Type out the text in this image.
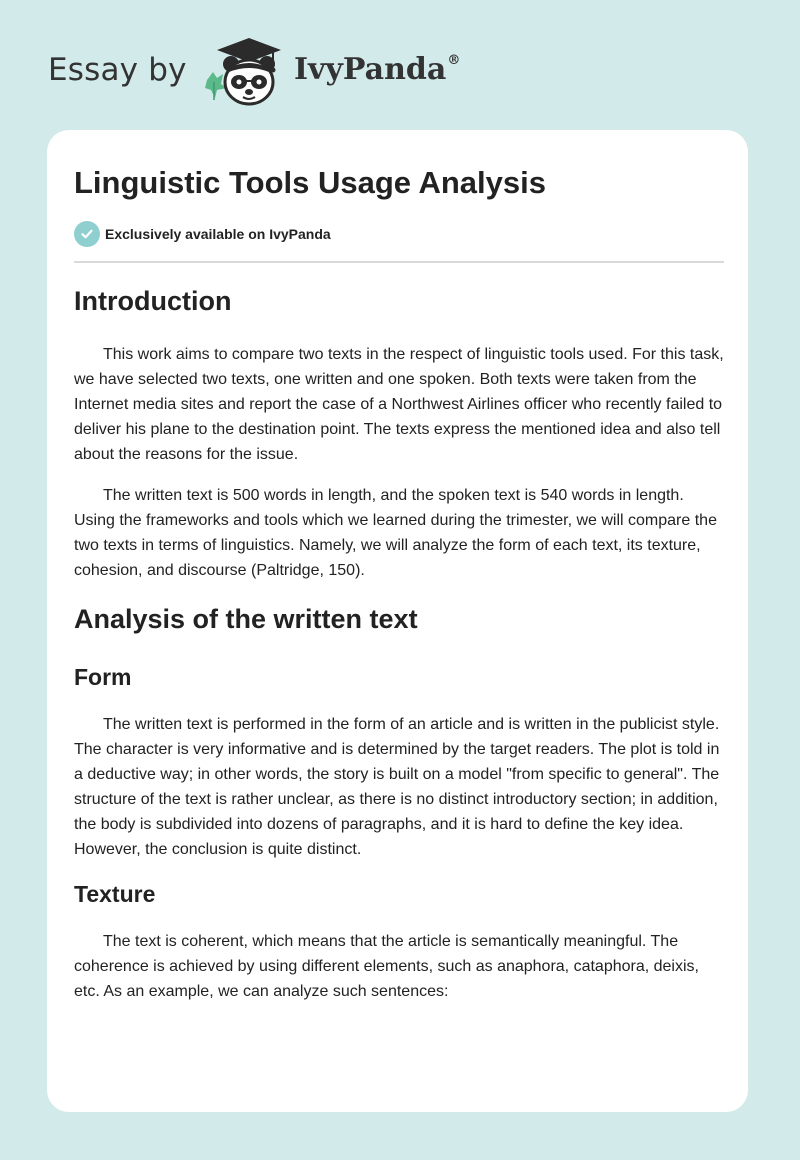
Essay by	IvyPanda®
Linguistic Tools Usage Analysis
Exclusively available on IvyPanda
Introduction

This work aims to compare two texts in the respect of linguistic tools used. For this task, we have selected two texts, one written and one spoken. Both texts were taken from the Internet media sites and report the case of a Northwest Airlines officer who recently failed to deliver his plane to the destination point. The texts express the mentioned idea and also tell about the reasons for the issue.

The written text is 500 words in length, and the spoken text is 540 words in length. Using the frameworks and tools which we learned during the trimester, we will compare the two texts in terms of linguistics. Namely, we will analyze the form of each text, its texture, cohesion, and discourse (Paltridge, 150).

Analysis of the written text
Form

The written text is performed in the form of an article and is written in the publicist style. The character is very informative and is determined by the target readers. The plot is told in a deductive way; in other words, the story is built on a model "from specific to general". The structure of the text is rather unclear, as there is no distinct introductory section; in addition, the body is subdivided into dozens of paragraphs, and it is hard to define the key idea. However, the conclusion is quite distinct.

Texture

The text is coherent, which means that the article is semantically meaningful. The coherence is achieved by using different elements, such as anaphora, cataphora, deixis, etc. As an example, we can analyze such sentences:
